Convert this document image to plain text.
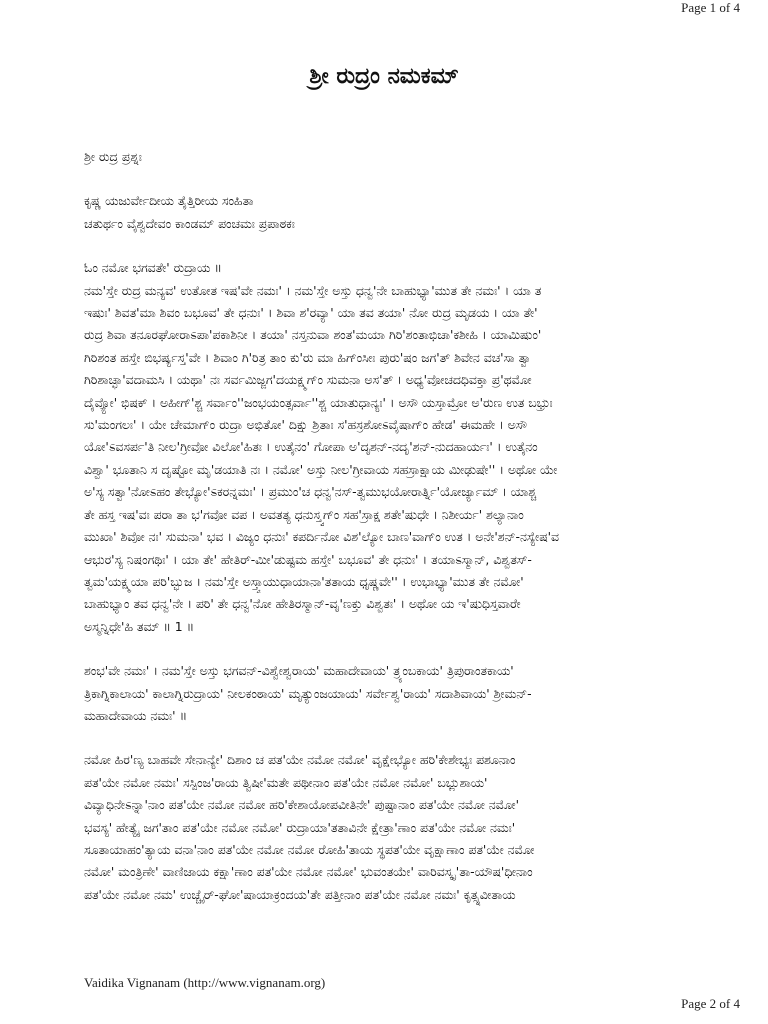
Page 1 of 4
ಶ್ರೀ ರುದ್ರಂ ನಮಕಮ್
ಶ್ರೀ ರುದ್ರ ಪ್ರಶ್ನಃ
ಕೃಷ್ಣ ಯಜುರ್ವೇದೀಯ ತೈತ್ತಿರೀಯ ಸಂಹಿತಾ
ಚತುರ್ಥಂ ವೈಶ್ವದೇವಂ ಕಾಂಡಮ್ ಪಂಚಮಃ ಪ್ರಪಾಠಕಃ
ಓಂ ನಮೋ ಭಗವತೇ' ರುದ್ರಾಯ ॥
ನಮ'ಸ್ತೇ ರುದ್ರ ಮನ್ಯವ' ಉತೋತ ಇಷ'ವೇ ನಮಃ' । ನಮ'ಸ್ತೇ ಅಸ್ತು ಧನ್ವ'ನೇ ಬಾಹುಭ್ಯಾ'ಮುತ ತೇ ನಮಃ' । ಯಾ ತ
ಇಷುಃ' ಶಿವತ'ಮಾ ಶಿವಂ ಬಭೂವ' ತೇ ಧನುಃ' । ಶಿವಾ ಶ'ರವ್ಯಾ' ಯಾ ತವ ತಯಾ' ನೋ ರುದ್ರ ಮೃಡಯ । ಯಾ ತೇ'
ರುದ್ರ ಶಿವಾ ತನೂರಘೋರಾಽಪಾ'ಪಕಾಶಿನೀ । ತಯಾ' ನಸ್ತನುವಾ ಶಂತ'ಮಯಾ ಗಿರಿ'ಶಂತಾಭಿಚಾ'ಕಶೀಹಿ । ಯಾಮಿಷುಂ'
ಗಿರಿಶಂತ ಹಸ್ತೇ ಬಿಭರ್ಷ್ಯಸ್ತ'ವೇ । ಶಿವಾಂ ಗಿ'ರಿತ್ರ ತಾಂ ಕು'ರು ಮಾ ಹಿಗ್ಂಸೀಃ ಪುರು'ಷಂ ಜಗ'ತ್ ಶಿವೇನ ವಚ'ಸಾ ತ್ವಾ
ಗಿರಿಶಾಚ್ಛಾ'ವದಾಮಸಿ । ಯಥಾ' ನಃ ಸರ್ವಮಿಜ್ಜಗ'ದಯಕ್ಷ್ಮಗ್ಂ ಸುಮನಾ ಅಸ'ತ್ । ಅಧ್ಯ'ವೋಚದಧಿವಕ್ತಾ ಪ್ರ'ಥಮೋ
ದೈವ್ಯೋ' ಭಿಷಕ್ । ಅಹೀಗ್'ಶ್ಚ ಸರ್ವಾಂ''ಜಂಭಯಂತ್ಸರ್ವಾ''ಶ್ಚ ಯಾತುಧಾನ್ಯಃ' । ಅಸೌ ಯಸ್ತಾಮ್ರೋ ಅ'ರುಣ ಉತ ಬಭ್ರುಃ
ಸು'ಮಂಗಲಃ' । ಯೇ ಚೇಮಾಗ್ಂ ರುದ್ರಾ ಅಭಿತೋ' ದಿಕ್ಷು ಶ್ರಿತಾಃ ಸ'ಹಸ್ರಶೋಽವೈಷಾಗ್ಂ ಹೇಡ' ಈಮಹೇ । ಅಸೌ
ಯೋ'ಽವಸರ್ಪ'ತಿ ನೀಲ'ಗ್ರೀವೋ ವಿಲೋ'ಹಿತಃ । ಉತೈನಂ' ಗೋಪಾ ಅ'ದೃಶನ್-ನದೃ'ಶನ್-ನುದಹಾರ್ಯಃ' । ಉತೈನಂ
ವಿಶ್ವಾ' ಭೂತಾನಿ ಸ ದೃಷ್ಟೋ ಮೃ'ಡಯಾತಿ ನಃ । ನಮೋ' ಅಸ್ತು ನೀಲ'ಗ್ರೀವಾಯ ಸಹಸ್ರಾಕ್ಷಾಯ ಮೀಢುಷೇ'' । ಅಥೋ ಯೇ
ಅ'ಸ್ಯ ಸತ್ವಾ'ನೋಽಹಂ ತೇಭ್ಯೋ'ಽಕರನ್ನಮಃ' । ಪ್ರಮುಂ'ಚ ಧನ್ವ'ನಸ್-ತ್ವಮುಭಯೋರಾರ್ತ್ನಿ'ಯೋರ್ಜ್ಯಾಮ್ । ಯಾಶ್ಚ
ತೇ ಹಸ್ತ ಇಷ'ವಃ ಪರಾ ತಾ ಭ'ಗವೋ ವಪ । ಅವತತ್ಯ ಧನುಸ್ತ್ವಗ್ಂ ಸಹ'ಸ್ರಾಕ್ಷ ಶತೇ'ಷುಧೇ । ನಿಶೀರ್ಯ' ಶಲ್ಯಾನಾಂ
ಮುಖಾ' ಶಿವೋ ನಃ' ಸುಮನಾ' ಭವ । ವಿಜ್ಯಂ ಧನುಃ' ಕಪರ್ದಿನೋ ವಿಶ'ಲ್ಯೋ ಬಾಣ'ವಾಗ್ಂ ಉತ । ಅನೇ'ಶನ್-ನಸ್ಯೇಷ'ವ
ಆಭುರ'ಸ್ಯ ನಿಷಂಗಥಿಃ' । ಯಾ ತೇ' ಹೇತಿರ್-ಮೀ'ಡುಷ್ಟಮ ಹಸ್ತೇ' ಬಭೂವ' ತೇ ಧನುಃ' । ತಯಾಽಸ್ಮಾನ್, ವಿಶ್ವತಸ್-
ತ್ವಮ'ಯಕ್ಷ್ಮಯಾ ಪರಿ'ಬ್ಭುಜ । ನಮ'ಸ್ತೇ ಅಸ್ತ್ವಾಯುಧಾಯಾನಾ'ತತಾಯ ಧೃಷ್ಣವೇ'' । ಉಭಾಭ್ಯಾ'ಮುತ ತೇ ನಮೋ'
ಬಾಹುಭ್ಯಾಂ ತವ ಧನ್ವ'ನೇ । ಪರಿ' ತೇ ಧನ್ವ'ನೋ ಹೇತಿರಸ್ಮಾನ್-ವೃ'ಣಕ್ತು ವಿಶ್ವತಃ' । ಅಥೋ ಯ ಇ'ಷುಧಿಸ್ತವಾರೇ
ಅಸ್ಮನ್ನಿಧೇ'ಹಿ ತಮ್ ॥ 1 ॥
ಶಂಭ'ವೇ ನಮಃ' । ನಮ'ಸ್ತೇ ಅಸ್ತು ಭಗವನ್-ವಿಶ್ವೇಶ್ವರಾಯ' ಮಹಾದೇವಾಯ' ತ್ರ್ಯಂಬಕಾಯ' ತ್ರಿಪುರಾಂತಕಾಯ'
ತ್ರಿಕಾಗ್ನಿಕಾಲಾಯ' ಕಾಲಾಗ್ನಿರುದ್ರಾಯ' ನೀಲಕಂಠಾಯ' ಮೃತ್ಯುಂಜಯಾಯ' ಸರ್ವೇಶ್ವ'ರಾಯ' ಸದಾಶಿವಾಯ' ಶ್ರೀಮನ್-
ಮಹಾದೇವಾಯ ನಮಃ' ॥
ನಮೋ ಹಿರ'ಣ್ಯ ಬಾಹವೇ ಸೇನಾನ್ಯೇ' ದಿಶಾಂ ಚ ಪತ'ಯೇ ನಮೋ ನಮೋ' ವೃಕ್ಷೇಭ್ಯೋ ಹರಿ'ಕೇಶೇಭ್ಯಃ ಪಶೂನಾಂ
ಪತ'ಯೇ ನಮೋ ನಮಃ' ಸಸ್ಪಿಂಜ'ರಾಯ ತ್ವಿಷೀ'ಮತೇ ಪಥೀನಾಂ ಪತ'ಯೇ ನಮೋ ನಮೋ' ಬಭ್ಲುಶಾಯ'
ವಿವ್ಯಾಧಿನೇಽನ್ನಾ'ನಾಂ ಪತ'ಯೇ ನಮೋ ನಮೋ ಹರಿ'ಕೇಶಾಯೋಪವೀತಿನೇ' ಪುಷ್ಟಾನಾಂ ಪತ'ಯೇ ನಮೋ ನಮೋ'
ಭವಸ್ಯ' ಹೇತ್ಯೈ ಜಗ'ತಾಂ ಪತ'ಯೇ ನಮೋ ನಮೋ' ರುದ್ರಾಯಾ'ತತಾವಿನೇ ಕ್ಷೇತ್ರಾ'ಣಾಂ ಪತ'ಯೇ ನಮೋ ನಮಃ'
ಸೂತಾಯಾಹಂ'ತ್ಯಾಯ ವನಾ'ನಾಂ ಪತ'ಯೇ ನಮೋ ನಮೋ ರೋಹಿ'ತಾಯ ಸ್ಥಪತ'ಯೇ ವೃಕ್ಷಾಣಾಂ ಪತ'ಯೇ ನಮೋ
ನಮೋ' ಮಂತ್ರಿಣೇ' ವಾಣಿಜಾಯ ಕಕ್ಷಾ'ಣಾಂ ಪತ'ಯೇ ನಮೋ ನಮೋ' ಭುವಂತಯೇ' ವಾರಿವಸ್ಕೃ'ತಾ-ಯೌಷ'ಧೀನಾಂ
ಪತ'ಯೇ ನಮೋ ನಮ' ಉಚ್ಚೈರ್-ಘೋ'ಷಾಯಾಕ್ರಂದಯ'ತೇ ಪತ್ತೀನಾಂ ಪತ'ಯೇ ನಮೋ ನಮಃ' ಕೃತ್ಸ್ನವೀತಾಯ
Vaidika Vignanam (http://www.vignanam.org)
Page 2 of 4
